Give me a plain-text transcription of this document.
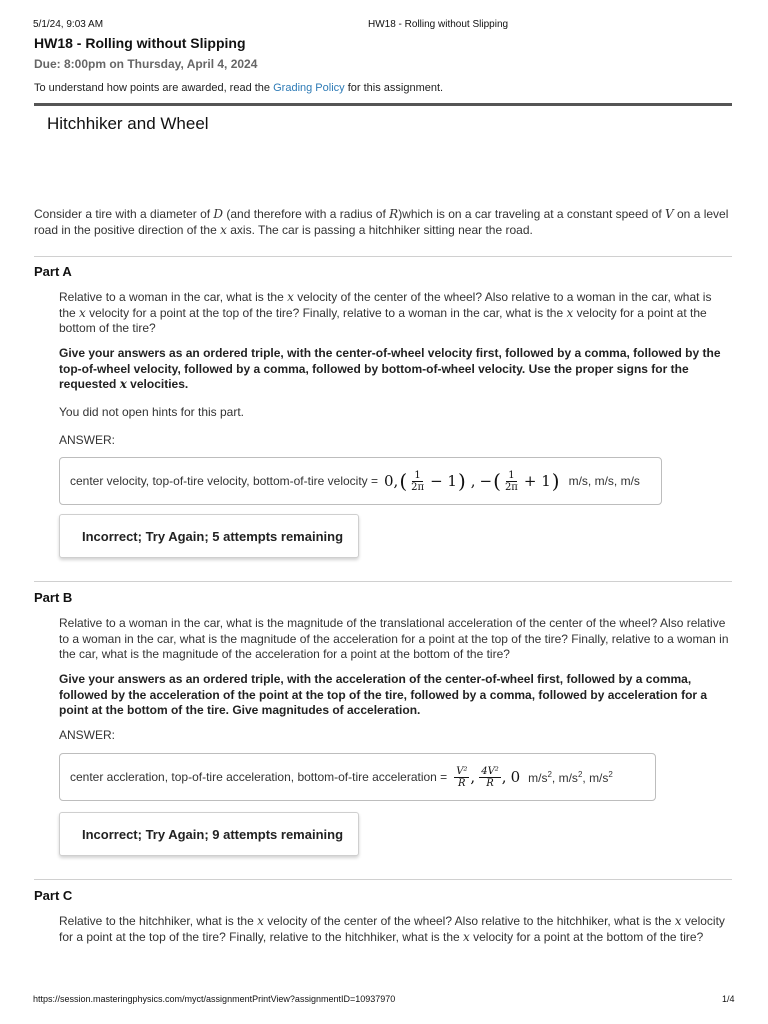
5/1/24, 9:03 AM	HW18 - Rolling without Slipping
HW18 - Rolling without Slipping
Due: 8:00pm on Thursday, April 4, 2024
To understand how points are awarded, read the Grading Policy for this assignment.
Hitchhiker and Wheel
Consider a tire with a diameter of D (and therefore with a radius of R)which is on a car traveling at a constant speed of V on a level road in the positive direction of the x axis. The car is passing a hitchhiker sitting near the road.
Part A
Relative to a woman in the car, what is the x velocity of the center of the wheel? Also relative to a woman in the car, what is the x velocity for a point at the top of the tire? Finally, relative to a woman in the car, what is the x velocity for a point at the bottom of the tire?
Give your answers as an ordered triple, with the center-of-wheel velocity first, followed by a comma, followed by the top-of-wheel velocity, followed by a comma, followed by bottom-of-wheel velocity. Use the proper signs for the requested x velocities.
You did not open hints for this part.
ANSWER:
center velocity, top-of-tire velocity, bottom-of-tire velocity = 0, ( $\frac{1}{2\pi} - 1$ ) , − ( $\frac{1}{2\pi} + 1$ ) m/s, m/s, m/s
Incorrect; Try Again; 5 attempts remaining
Part B
Relative to a woman in the car, what is the magnitude of the translational acceleration of the center of the wheel? Also relative to a woman in the car, what is the magnitude of the acceleration for a point at the top of the tire? Finally, relative to a woman in the car, what is the magnitude of the acceleration for a point at the bottom of the tire?
Give your answers as an ordered triple, with the acceleration of the center-of-wheel first, followed by a comma, followed by the acceleration of the point at the top of the tire, followed by a comma, followed by acceleration for a point at the bottom of the tire. Give magnitudes of acceleration.
ANSWER:
center accleration, top-of-tire acceleration, bottom-of-tire acceleration = $\frac{\text{V²}}{R}$ , $\frac{\text{4V²}}{R}$ , 0 $m/s^2$, $m/s^2$, $m/s^2$
Incorrect; Try Again; 9 attempts remaining
Part C
Relative to the hitchhiker, what is the x velocity of the center of the wheel? Also relative to the hitchhiker, what is the x velocity for a point at the top of the tire? Finally, relative to the hitchhiker, what is the x velocity for a point at the bottom of the tire?
https://session.masteringphysics.com/myct/assignmentPrintView?assignmentID=10937970	1/4
